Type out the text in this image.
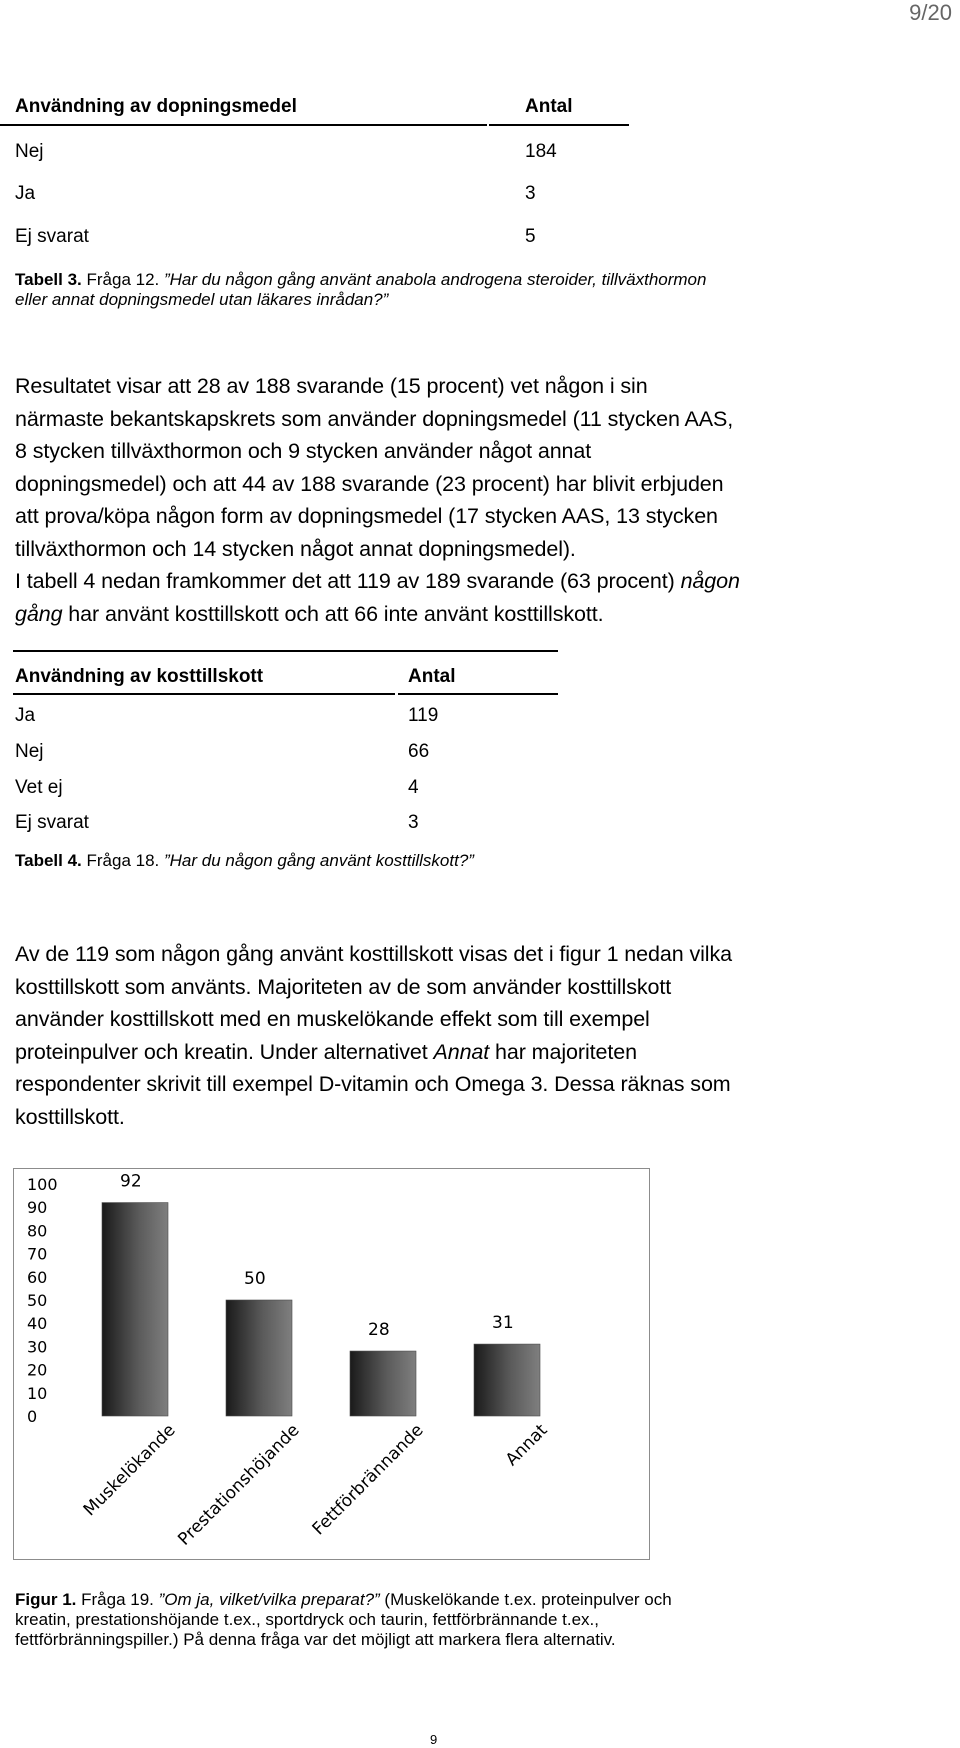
9/20
Användning av dopningsmedel	Antal
Nej	184
Ja	3
Ej svarat	5
Tabell 3. Fråga 12. ”Har du någon gång använt anabola androgena steroider, tillväxthormon
eller annat dopningsmedel utan läkares inrådan?”
Resultatet visar att 28 av 188 svarande (15 procent) vet någon i sin
närmaste bekantskapskrets som använder dopningsmedel (11 stycken AAS,
8 stycken tillväxthormon och 9 stycken använder något annat
dopningsmedel) och att 44 av 188 svarande (23 procent) har blivit erbjuden
att prova/köpa någon form av dopningsmedel (17 stycken AAS, 13 stycken
tillväxthormon och 14 stycken något annat dopningsmedel).
I tabell 4 nedan framkommer det att 119 av 189 svarande (63 procent) någon
gång har använt kosttillskott och att 66 inte använt kosttillskott.
Användning av kosttillskott	Antal
Ja	119
Nej	66
Vet ej	4
Ej svarat	3
Tabell 4. Fråga 18. ”Har du någon gång använt kosttillskott?”
Av de 119 som någon gång använt kosttillskott visas det i figur 1 nedan vilka
kosttillskott som använts. Majoriteten av de som använder kosttillskott
använder kosttillskott med en muskelökande effekt som till exempel
proteinpulver och kreatin. Under alternativet Annat har majoriteten
respondenter skrivit till exempel D-vitamin och Omega 3. Dessa räknas som
kosttillskott.
100
90
80
70
60
50
40
30
20
10
0
92
50
28	31
Muskelökande
Prestationshöjande Fettförbrännande	Annat
Figur 1. Fråga 19. ”Om ja, vilket/vilka preparat?” (Muskelökande t.ex. proteinpulver och
kreatin, prestationshöjande t.ex., sportdryck och taurin, fettförbrännande t.ex.,
fettförbränningspiller.) På denna fråga var det möjligt att markera flera alternativ.
9
